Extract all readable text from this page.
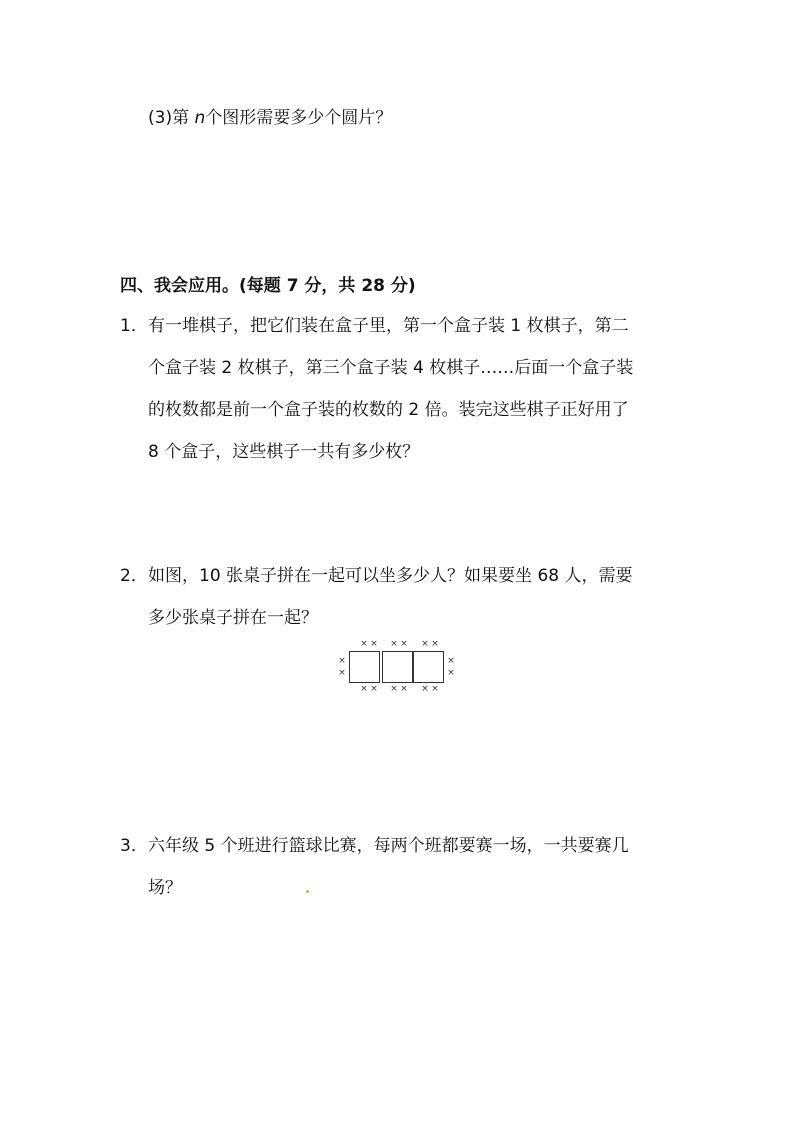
(3)第 n个图形需要多少个圆片？
四、我会应用。(每题 7 分，共 28 分)
1． 有一堆棋子，把它们装在盒子里，第一个盒子装 1 枚棋子，第二
个盒子装 2 枚棋子，第三个盒子装 4 枚棋子……后面一个盒子装
的枚数都是前一个盒子装的枚数的 2 倍。装完这些棋子正好用了
8 个盒子，这些棋子一共有多少枚？
2． 如图，10 张桌子拼在一起可以坐多少人？如果要坐 68 人，需要
多少张桌子拼在一起？
× × × × × ×
× × × × × ×
×
×
×
×
3． 六年级 5 个班进行篮球比赛，每两个班都要赛一场，一共要赛几
场？
